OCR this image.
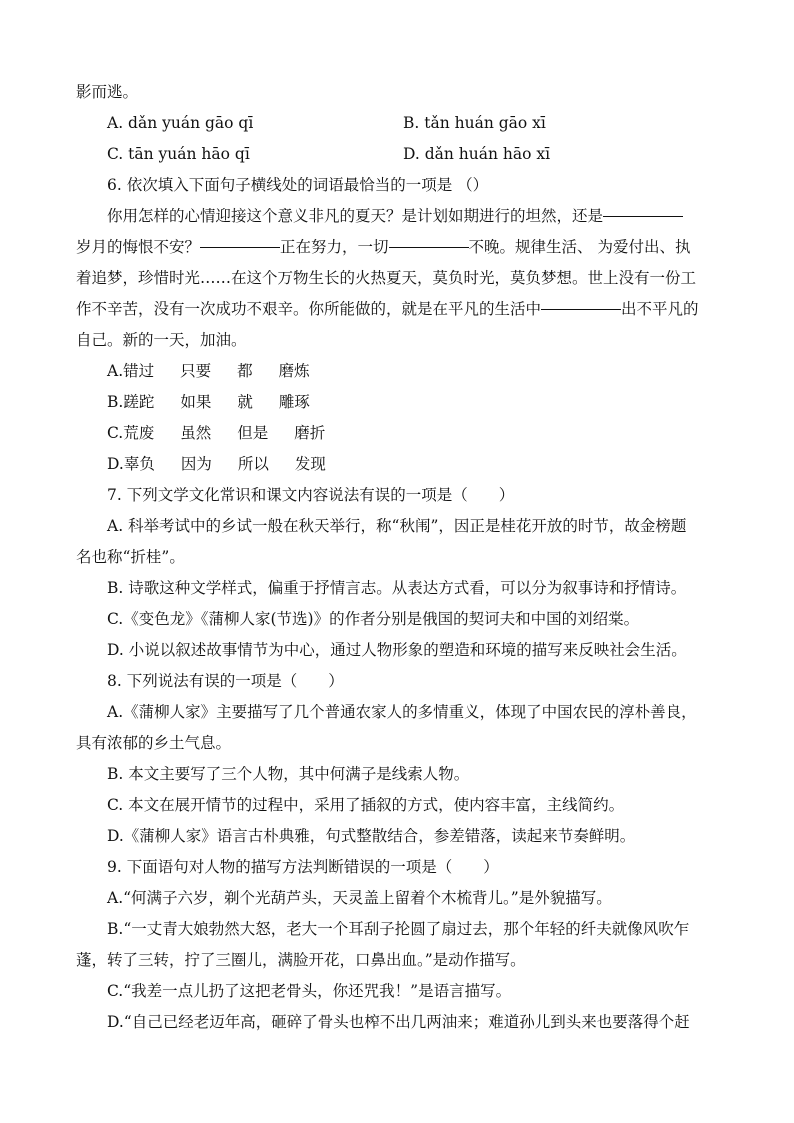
影而逃。
A. dǎn yuán gāo qī	B. tǎn huán gāo xī
C. tān yuán hāo qī	D. dǎn huán hāo xī
6. 依次填入下面句子横线处的词语最恰当的一项是 （）
你用怎样的心情迎接这个意义非凡的夏天？是计划如期进行的坦然，还是
岁月的悔恨不安？	正在努力，一切	不晚。规律生活、 为爱付出、执
着追梦，珍惜时光……在这个万物生长的火热夏天，莫负时光，莫负梦想。世上没有一份工
作不辛苦，没有一次成功不艰辛。你所能做的，就是在平凡的生活中	出不平凡的
自己。新的一天，加油。
A.错过 只要 都 磨炼
B.蹉跎 如果 就 雕琢
C.荒废 虽然 但是 磨折
D.辜负 因为 所以 发现
7. 下列文学文化常识和课文内容说法有误的一项是（　　）
A. 科举考试中的乡试一般在秋天举行，称“秋闱”，因正是桂花开放的时节，故金榜题
名也称“折桂”。
B. 诗歌这种文学样式，偏重于抒情言志。从表达方式看，可以分为叙事诗和抒情诗。
C.《变色龙》《蒲柳人家(节选)》的作者分别是俄国的契诃夫和中国的刘绍棠。
D. 小说以叙述故事情节为中心，通过人物形象的塑造和环境的描写来反映社会生活。
8. 下列说法有误的一项是（　　）
A.《蒲柳人家》主要描写了几个普通农家人的多情重义，体现了中国农民的淳朴善良，
具有浓郁的乡土气息。
B. 本文主要写了三个人物，其中何满子是线索人物。
C. 本文在展开情节的过程中，采用了插叙的方式，使内容丰富，主线简约。
D.《蒲柳人家》语言古朴典雅，句式整散结合，参差错落，读起来节奏鲜明。
9. 下面语句对人物的描写方法判断错误的一项是（　　）
A.“何满子六岁，剃个光葫芦头，天灵盖上留着个木梳背儿。”是外貌描写。
B.“一丈青大娘勃然大怒，老大一个耳刮子抡圆了扇过去，那个年轻的纤夫就像风吹乍
蓬，转了三转，拧了三圈儿，满脸开花，口鼻出血。”是动作描写。
C.“我差一点儿扔了这把老骨头，你还咒我！”是语言描写。
D.“自己已经老迈年高，砸碎了骨头也榨不出几两油来；难道孙儿到头来也要落得个赶
